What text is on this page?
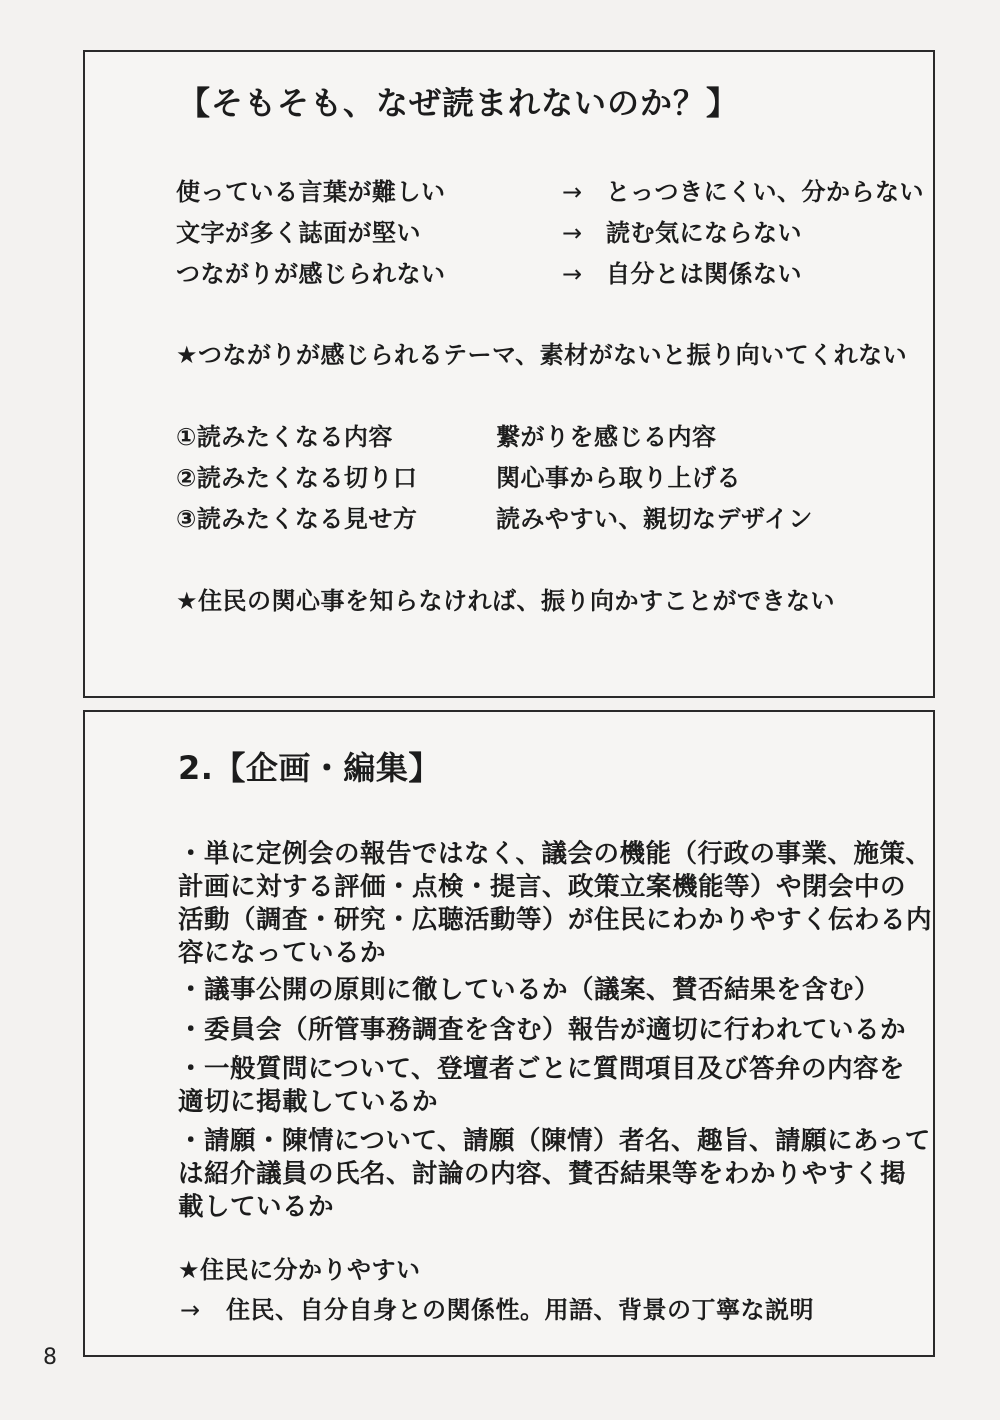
【そもそも、なぜ読まれないのか？】
使っている言葉が難しい	→ とっつきにくい、分からない
文字が多く誌面が堅い	→ 読む気にならない
つながりが感じられない	→ 自分とは関係ない
★つながりが感じられるテーマ、素材がないと振り向いてくれない
①読みたくなる内容	繋がりを感じる内容
②読みたくなる切り口	関心事から取り上げる
③読みたくなる見せ方	読みやすい、親切なデザイン
★住民の関心事を知らなければ、振り向かすことができない
2.【企画・編集】
・単に定例会の報告ではなく、議会の機能（行政の事業、施策、
計画に対する評価・点検・提言、政策立案機能等）や閉会中の
活動（調査・研究・広聴活動等）が住民にわかりやすく伝わる内
容になっているか
・議事公開の原則に徹しているか（議案、賛否結果を含む）
・委員会（所管事務調査を含む）報告が適切に行われているか
・一般質問について、登壇者ごとに質問項目及び答弁の内容を
適切に掲載しているか
・請願・陳情について、請願（陳情）者名、趣旨、請願にあって
は紹介議員の氏名、討論の内容、賛否結果等をわかりやすく掲
載しているか
★住民に分かりやすい
→ 住民、自分自身との関係性。用語、背景の丁寧な説明
8
